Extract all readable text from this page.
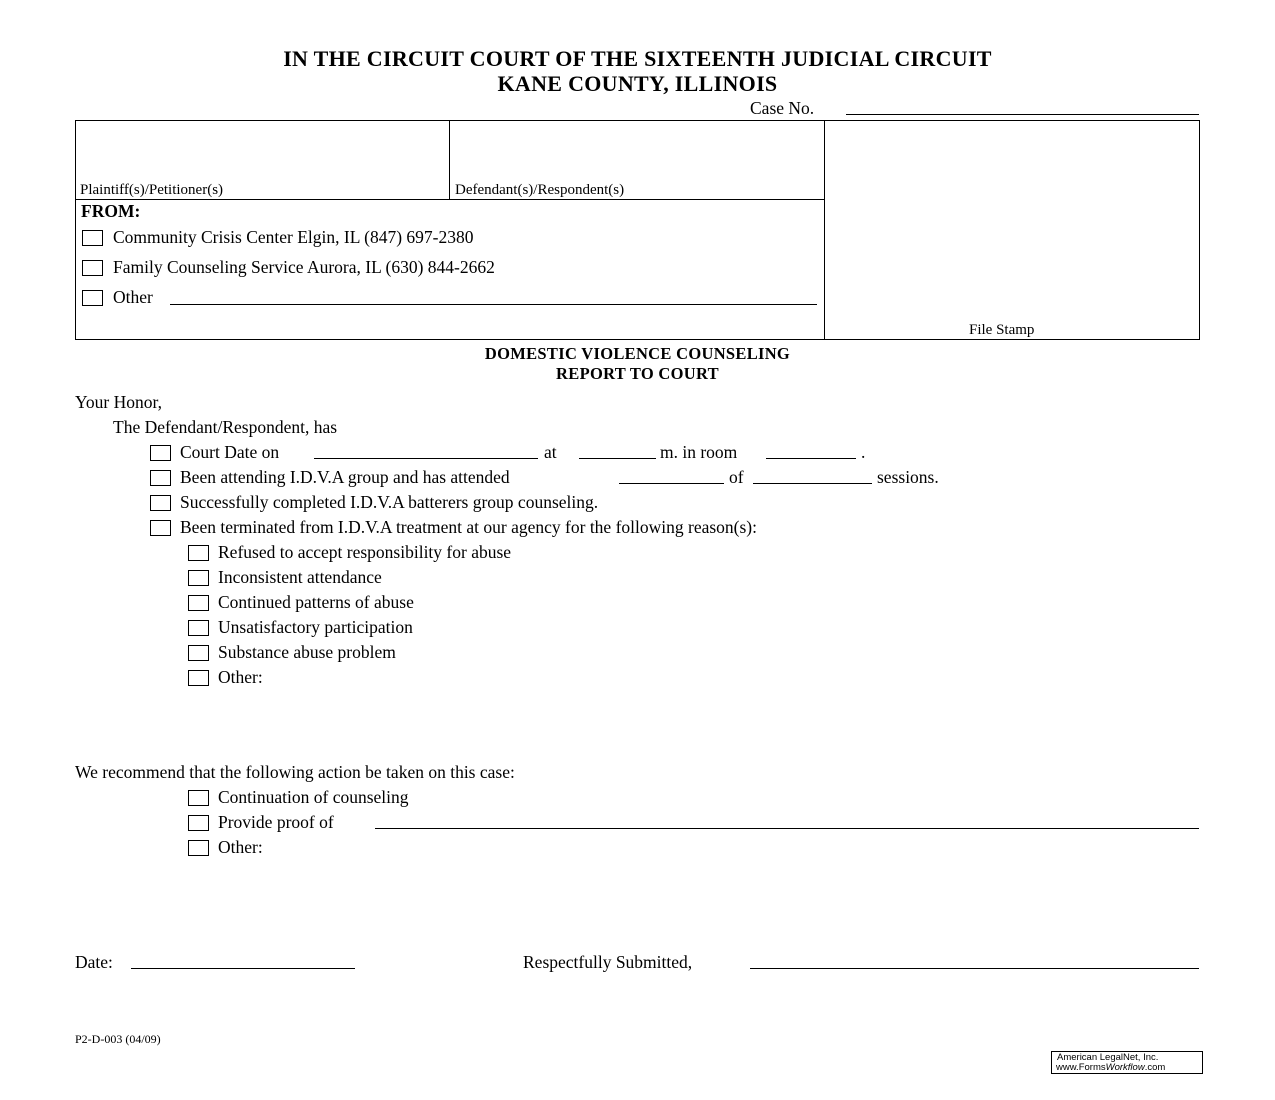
IN THE CIRCUIT COURT OF THE SIXTEENTH JUDICIAL CIRCUIT
KANE COUNTY, ILLINOIS
Case No.
Plaintiff(s)/Petitioner(s)	Defendant(s)/Respondent(s)
File Stamp
FROM:
Community Crisis Center Elgin, IL (847) 697-2380
Family Counseling Service Aurora, IL (630) 844-2662
Other
DOMESTIC VIOLENCE COUNSELING
REPORT TO COURT
Your Honor,
The Defendant/Respondent, has
Court Date on	at	m. in room	.
Been attending I.D.V.A group and has attended	of	sessions.
Successfully completed I.D.V.A batterers group counseling.
Been terminated from I.D.V.A treatment at our agency for the following reason(s):
Refused to accept responsibility for abuse
Inconsistent attendance
Continued patterns of abuse
Unsatisfactory participation
Substance abuse problem
Other:
We recommend that the following action be taken on this case:
Continuation of counseling
Provide proof of
Other:
Date:	Respectfully Submitted,
P2-D-003 (04/09)
American LegalNet, Inc.
www.FormsWorkflow.com
